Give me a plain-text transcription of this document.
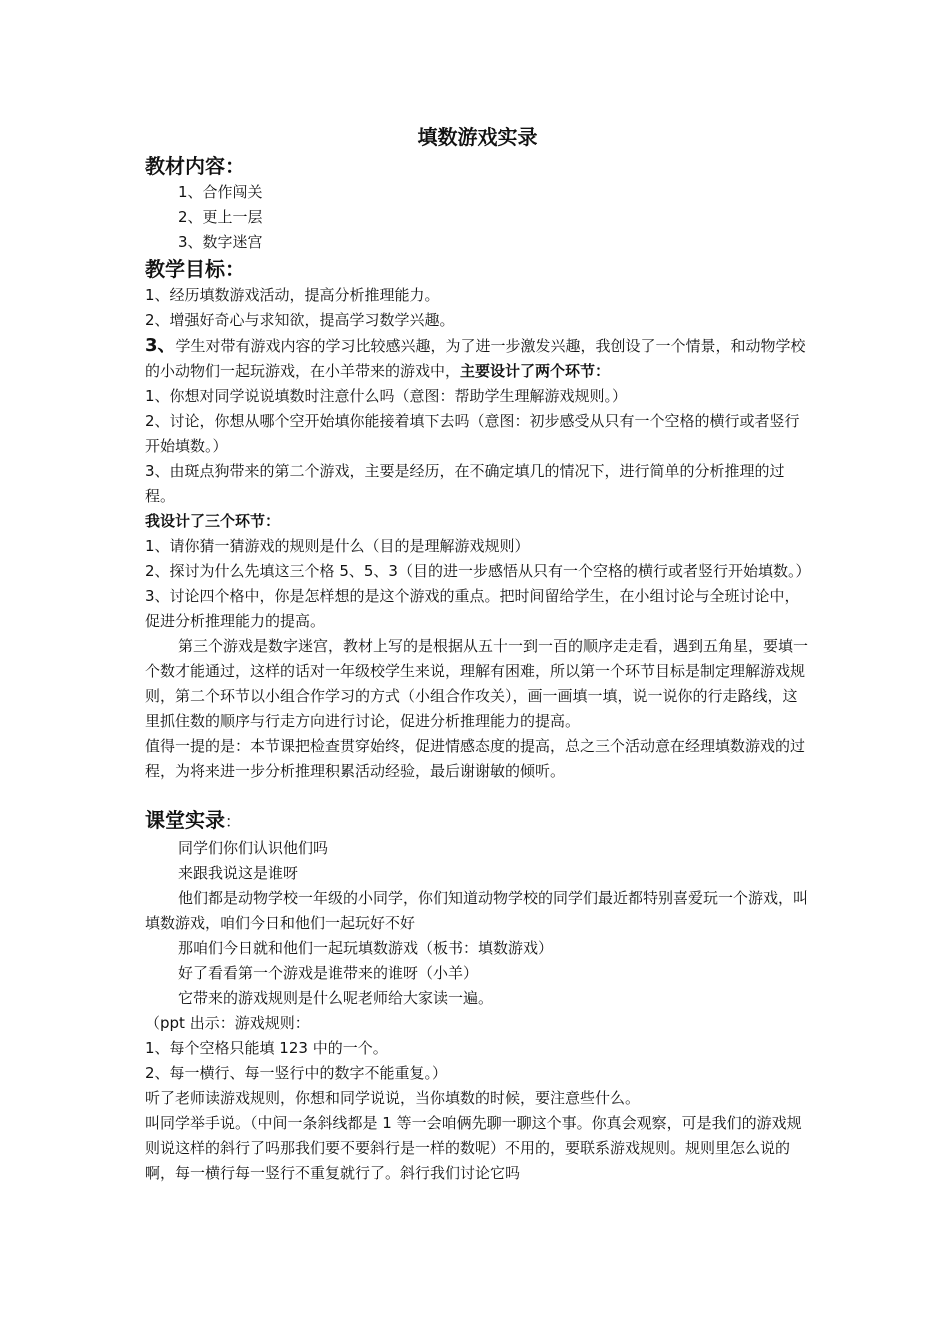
填数游戏实录
教材内容：
1、合作闯关
2、更上一层
3、数字迷宫
教学目标：
1、经历填数游戏活动，提高分析推理能力。
2、增强好奇心与求知欲，提高学习数学兴趣。
3、学生对带有游戏内容的学习比较感兴趣，为了进一步激发兴趣，我创设了一个情景，和动物学校的小动物们一起玩游戏，在小羊带来的游戏中，主要设计了两个环节：
1、你想对同学说说填数时注意什么吗（意图：帮助学生理解游戏规则。）
2、讨论，你想从哪个空开始填你能接着填下去吗（意图：初步感受从只有一个空格的横行或者竖行开始填数。）
3、由斑点狗带来的第二个游戏，主要是经历，在不确定填几的情况下，进行简单的分析推理的过程。
我设计了三个环节：
1、请你猜一猜游戏的规则是什么（目的是理解游戏规则）
2、探讨为什么先填这三个格 5、5、3（目的进一步感悟从只有一个空格的横行或者竖行开始填数。）
3、讨论四个格中，你是怎样想的是这个游戏的重点。把时间留给学生，在小组讨论与全班讨论中，促进分析推理能力的提高。
第三个游戏是数字迷宫，教材上写的是根据从五十一到一百的顺序走走看，遇到五角星，要填一个数才能通过，这样的话对一年级校学生来说，理解有困难，所以第一个环节目标是制定理解游戏规则，第二个环节以小组合作学习的方式（小组合作攻关），画一画填一填，说一说你的行走路线，这里抓住数的顺序与行走方向进行讨论，促进分析推理能力的提高。
值得一提的是：本节课把检查贯穿始终，促进情感态度的提高，总之三个活动意在经理填数游戏的过程，为将来进一步分析推理积累活动经验，最后谢谢敏的倾听。
课堂实录：
同学们你们认识他们吗
来跟我说这是谁呀
他们都是动物学校一年级的小同学，你们知道动物学校的同学们最近都特别喜爱玩一个游戏，叫填数游戏，咱们今日和他们一起玩好不好
那咱们今日就和他们一起玩填数游戏（板书：填数游戏）
好了看看第一个游戏是谁带来的谁呀（小羊）
它带来的游戏规则是什么呢老师给大家读一遍。
（ppt 出示：游戏规则：
1、每个空格只能填 123 中的一个。
2、每一横行、每一竖行中的数字不能重复。）
听了老师读游戏规则，你想和同学说说，当你填数的时候，要注意些什么。
叫同学举手说。（中间一条斜线都是 1 等一会咱俩先聊一聊这个事。你真会观察，可是我们的游戏规则说这样的斜行了吗那我们要不要斜行是一样的数呢）不用的，要联系游戏规则。规则里怎么说的啊，每一横行每一竖行不重复就行了。斜行我们讨论它吗
